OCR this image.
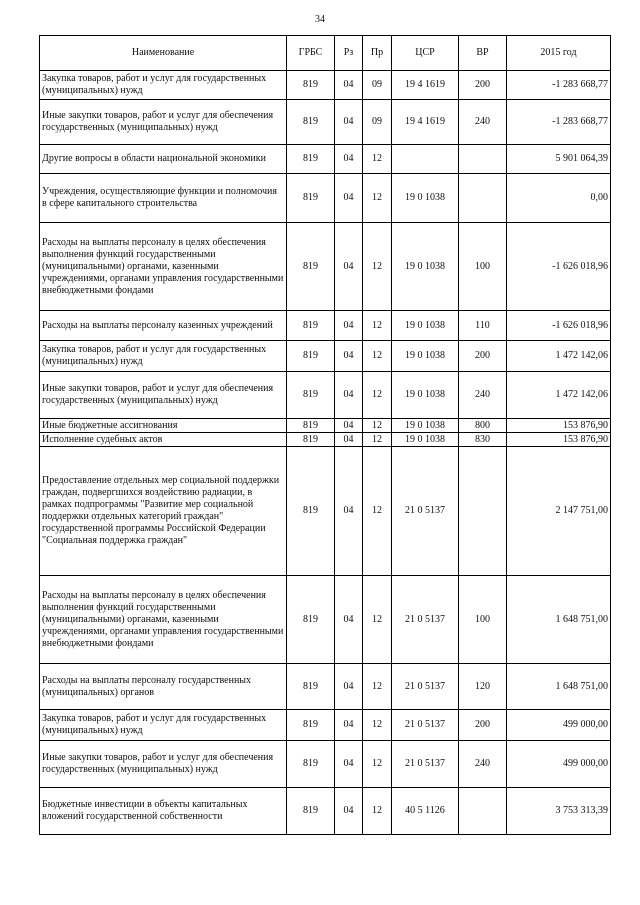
34
Наименование	ГРБС	Рз	Пр	ЦСР	ВР	2015 год
Закупка товаров, работ и услуг для государственных (муниципальных) нужд	819	04	09	19 4 1619	200	-1 283 668,77
Иные закупки товаров, работ и услуг для обеспечения государственных (муниципальных) нужд	819	04	09	19 4 1619	240	-1 283 668,77
Другие вопросы в области национальной экономики	819	04	12			5 901 064,39
Учреждения, осуществляющие функции и полномочия в сфере капитального строительства	819	04	12	19 0 1038		0,00
Расходы на выплаты персоналу в целях обеспечения выполнения функций государственными (муниципальными) органами, казенными учреждениями, органами управления государственными внебюджетными фондами	819	04	12	19 0 1038	100	-1 626 018,96
Расходы на выплаты персоналу казенных учреждений	819	04	12	19 0 1038	110	-1 626 018,96
Закупка товаров, работ и услуг для государственных (муниципальных) нужд	819	04	12	19 0 1038	200	1 472 142,06
Иные закупки товаров, работ и услуг для обеспечения государственных (муниципальных) нужд	819	04	12	19 0 1038	240	1 472 142,06
Иные бюджетные ассигнования	819	04	12	19 0 1038	800	153 876,90
Исполнение судебных актов	819	04	12	19 0 1038	830	153 876,90
Предоставление отдельных мер социальной поддержки граждан, подвергшихся воздействию радиации, в рамках подпрограммы "Развитие мер социальной поддержки отдельных категорий граждан" государственной программы Российской Федерации "Социальная поддержка граждан"	819	04	12	21 0 5137		2 147 751,00
Расходы на выплаты персоналу в целях обеспечения выполнения функций государственными (муниципальными) органами, казенными учреждениями, органами управления государственными внебюджетными фондами	819	04	12	21 0 5137	100	1 648 751,00
Расходы на выплаты персоналу государственных (муниципальных) органов	819	04	12	21 0 5137	120	1 648 751,00
Закупка товаров, работ и услуг для государственных (муниципальных) нужд	819	04	12	21 0 5137	200	499 000,00
Иные закупки товаров, работ и услуг для обеспечения государственных (муниципальных) нужд	819	04	12	21 0 5137	240	499 000,00
Бюджетные инвестиции в объекты капитальных вложений государственной собственности	819	04	12	40 5 1126		3 753 313,39
